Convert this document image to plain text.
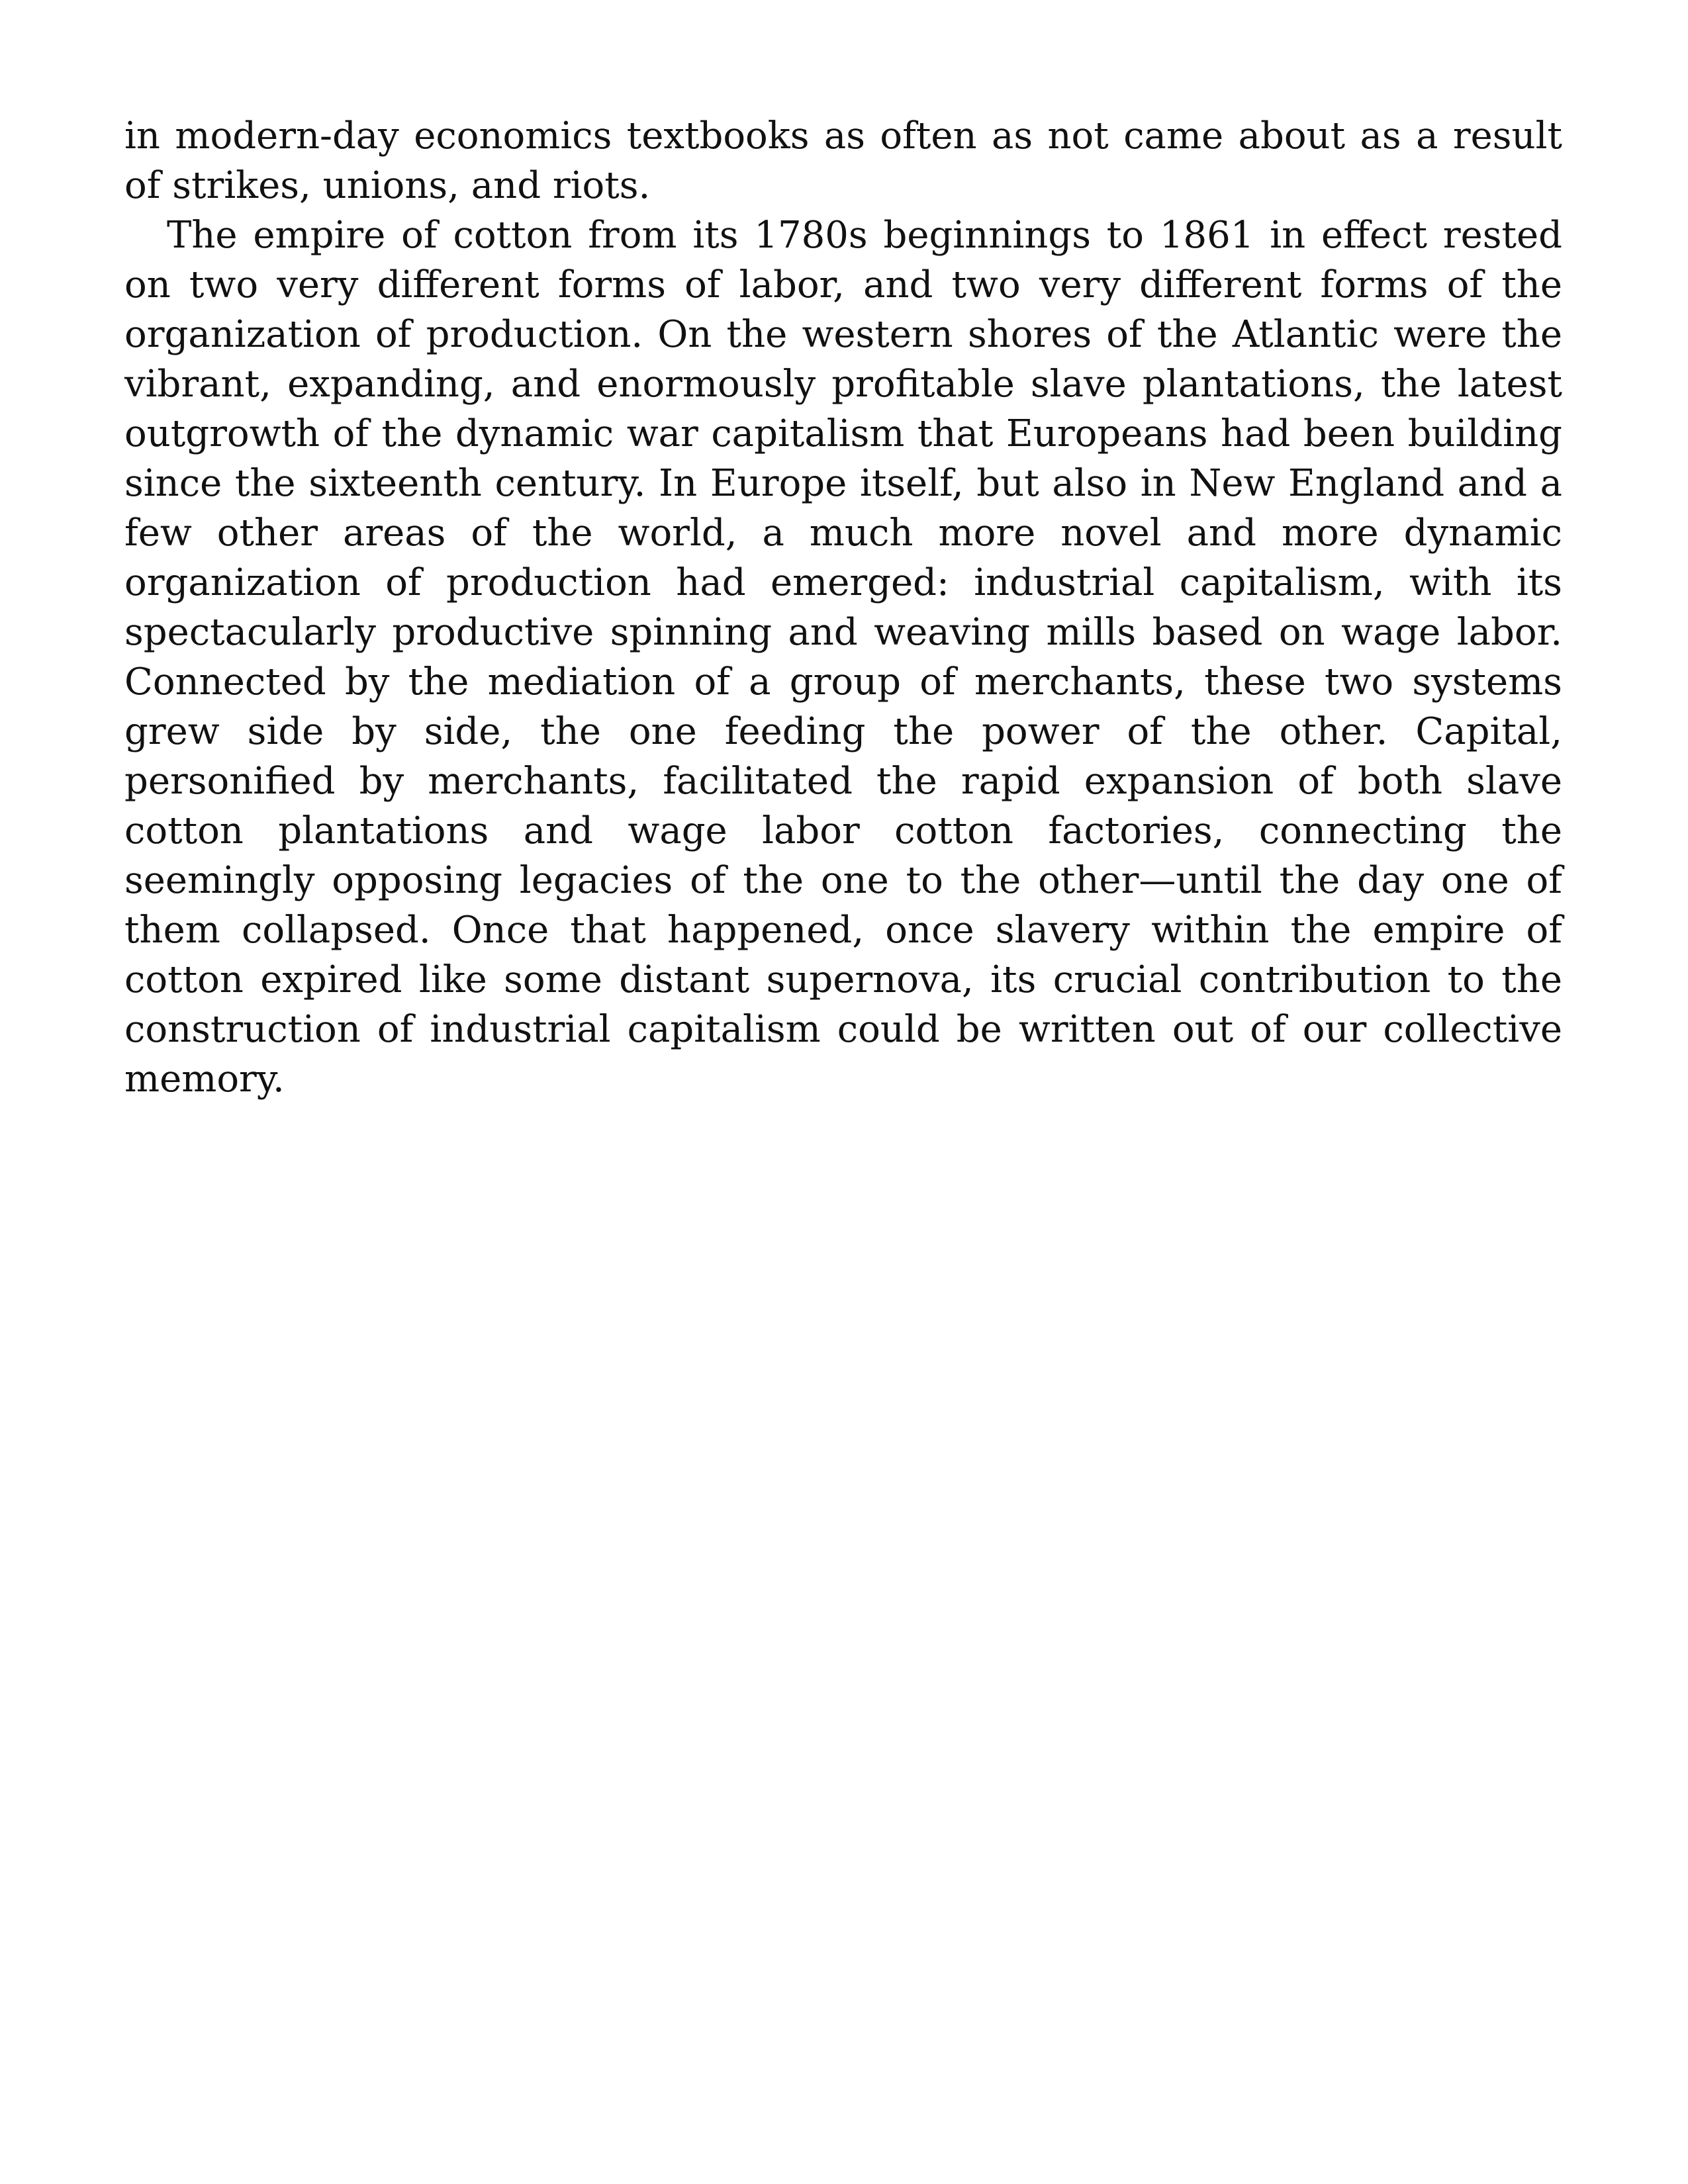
in modern-day economics textbooks as often as not came about as a result of strikes, unions, and riots.

The empire of cotton from its 1780s beginnings to 1861 in effect rested on two very different forms of labor, and two very different forms of the organization of production. On the western shores of the Atlantic were the vibrant, expanding, and enormously profitable slave plantations, the latest outgrowth of the dynamic war capitalism that Europeans had been building since the sixteenth century. In Europe itself, but also in New England and a few other areas of the world, a much more novel and more dynamic organization of production had emerged: industrial capitalism, with its spectacularly productive spinning and weaving mills based on wage labor. Connected by the mediation of a group of merchants, these two systems grew side by side, the one feeding the power of the other. Capital, personified by merchants, facilitated the rapid expansion of both slave cotton plantations and wage labor cotton factories, connecting the seemingly opposing legacies of the one to the other—until the day one of them collapsed. Once that happened, once slavery within the empire of cotton expired like some distant supernova, its crucial contribution to the construction of industrial capitalism could be written out of our collective memory.
